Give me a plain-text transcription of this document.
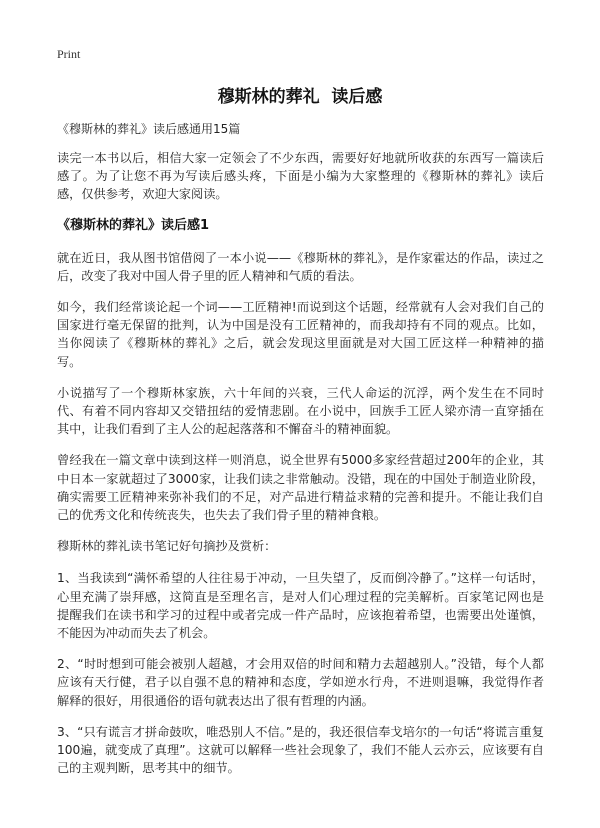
Print
穆斯林的葬礼  读后感
《穆斯林的葬礼》读后感通用15篇

读完一本书以后，相信大家一定领会了不少东西，需要好好地就所收获的东西写一篇读后感了。为了让您不再为写读后感头疼，下面是小编为大家整理的《穆斯林的葬礼》读后感，仅供参考，欢迎大家阅读。

《穆斯林的葬礼》读后感1

就在近日，我从图书馆借阅了一本小说——《穆斯林的葬礼》，是作家霍达的作品，读过之后，改变了我对中国人骨子里的匠人精神和气质的看法。

如今，我们经常谈论起一个词——工匠精神!而说到这个话题，经常就有人会对我们自己的国家进行毫无保留的批判，认为中国是没有工匠精神的，而我却持有不同的观点。比如，当你阅读了《穆斯林的葬礼》之后，就会发现这里面就是对大国工匠这样一种精神的描写。

小说描写了一个穆斯林家族，六十年间的兴衰，三代人命运的沉浮，两个发生在不同时代、有着不同内容却又交错扭结的爱情悲剧。在小说中，回族手工匠人梁亦清一直穿插在其中，让我们看到了主人公的起起落落和不懈奋斗的精神面貌。

曾经我在一篇文章中读到这样一则消息，说全世界有5000多家经营超过200年的企业，其中日本一家就超过了3000家，让我们读之非常触动。没错，现在的中国处于制造业阶段，确实需要工匠精神来弥补我们的不足，对产品进行精益求精的完善和提升。不能让我们自己的优秀文化和传统丧失，也失去了我们骨子里的精神食粮。

穆斯林的葬礼读书笔记好句摘抄及赏析：

1、当我读到“满怀希望的人往往易于冲动，一旦失望了，反而倒冷静了。”这样一句话时，心里充满了崇拜感，这简直是至理名言，是对人们心理过程的完美解析。百家笔记网也是提醒我们在读书和学习的过程中或者完成一件产品时，应该抱着希望，也需要出处谨慎，不能因为冲动而失去了机会。

2、“时时想到可能会被别人超越，才会用双倍的时间和精力去超越别人。”没错，每个人都应该有天行健，君子以自强不息的精神和态度，学如逆水行舟，不进则退嘛，我觉得作者解释的很好，用很通俗的语句就表达出了很有哲理的内涵。

3、“只有谎言才拼命鼓吹，唯恐别人不信。”是的，我还很信奉戈培尔的一句话“将谎言重复100遍，就变成了真理”。这就可以解释一些社会现象了，我们不能人云亦云，应该要有自己的主观判断，思考其中的细节。
